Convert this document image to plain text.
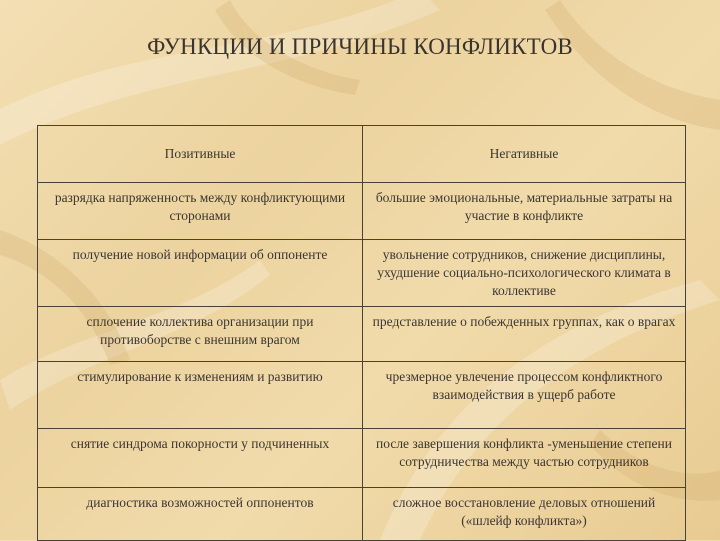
ФУНКЦИИ И ПРИЧИНЫ КОНФЛИКТОВ
Позитивные	Негативные
разрядка напряженность между конфликтующими сторонами	большие эмоциональные, материальные затраты на участие в конфликте
получение новой информации об оппоненте	увольнение сотрудников, снижение дисциплины, ухудшение социально-психологического климата в коллективе
сплочение коллектива организации при противоборстве с внешним врагом	представление о побежденных группах, как о врагах
стимулирование к изменениям и развитию	чрезмерное увлечение процессом конфликтного взаимодействия в ущерб работе
снятие синдрома покорности у подчиненных	после завершения конфликта -уменьшение степени сотрудничества между частью сотрудников
диагностика возможностей оппонентов	сложное восстановление деловых отношений («шлейф конфликта»)
